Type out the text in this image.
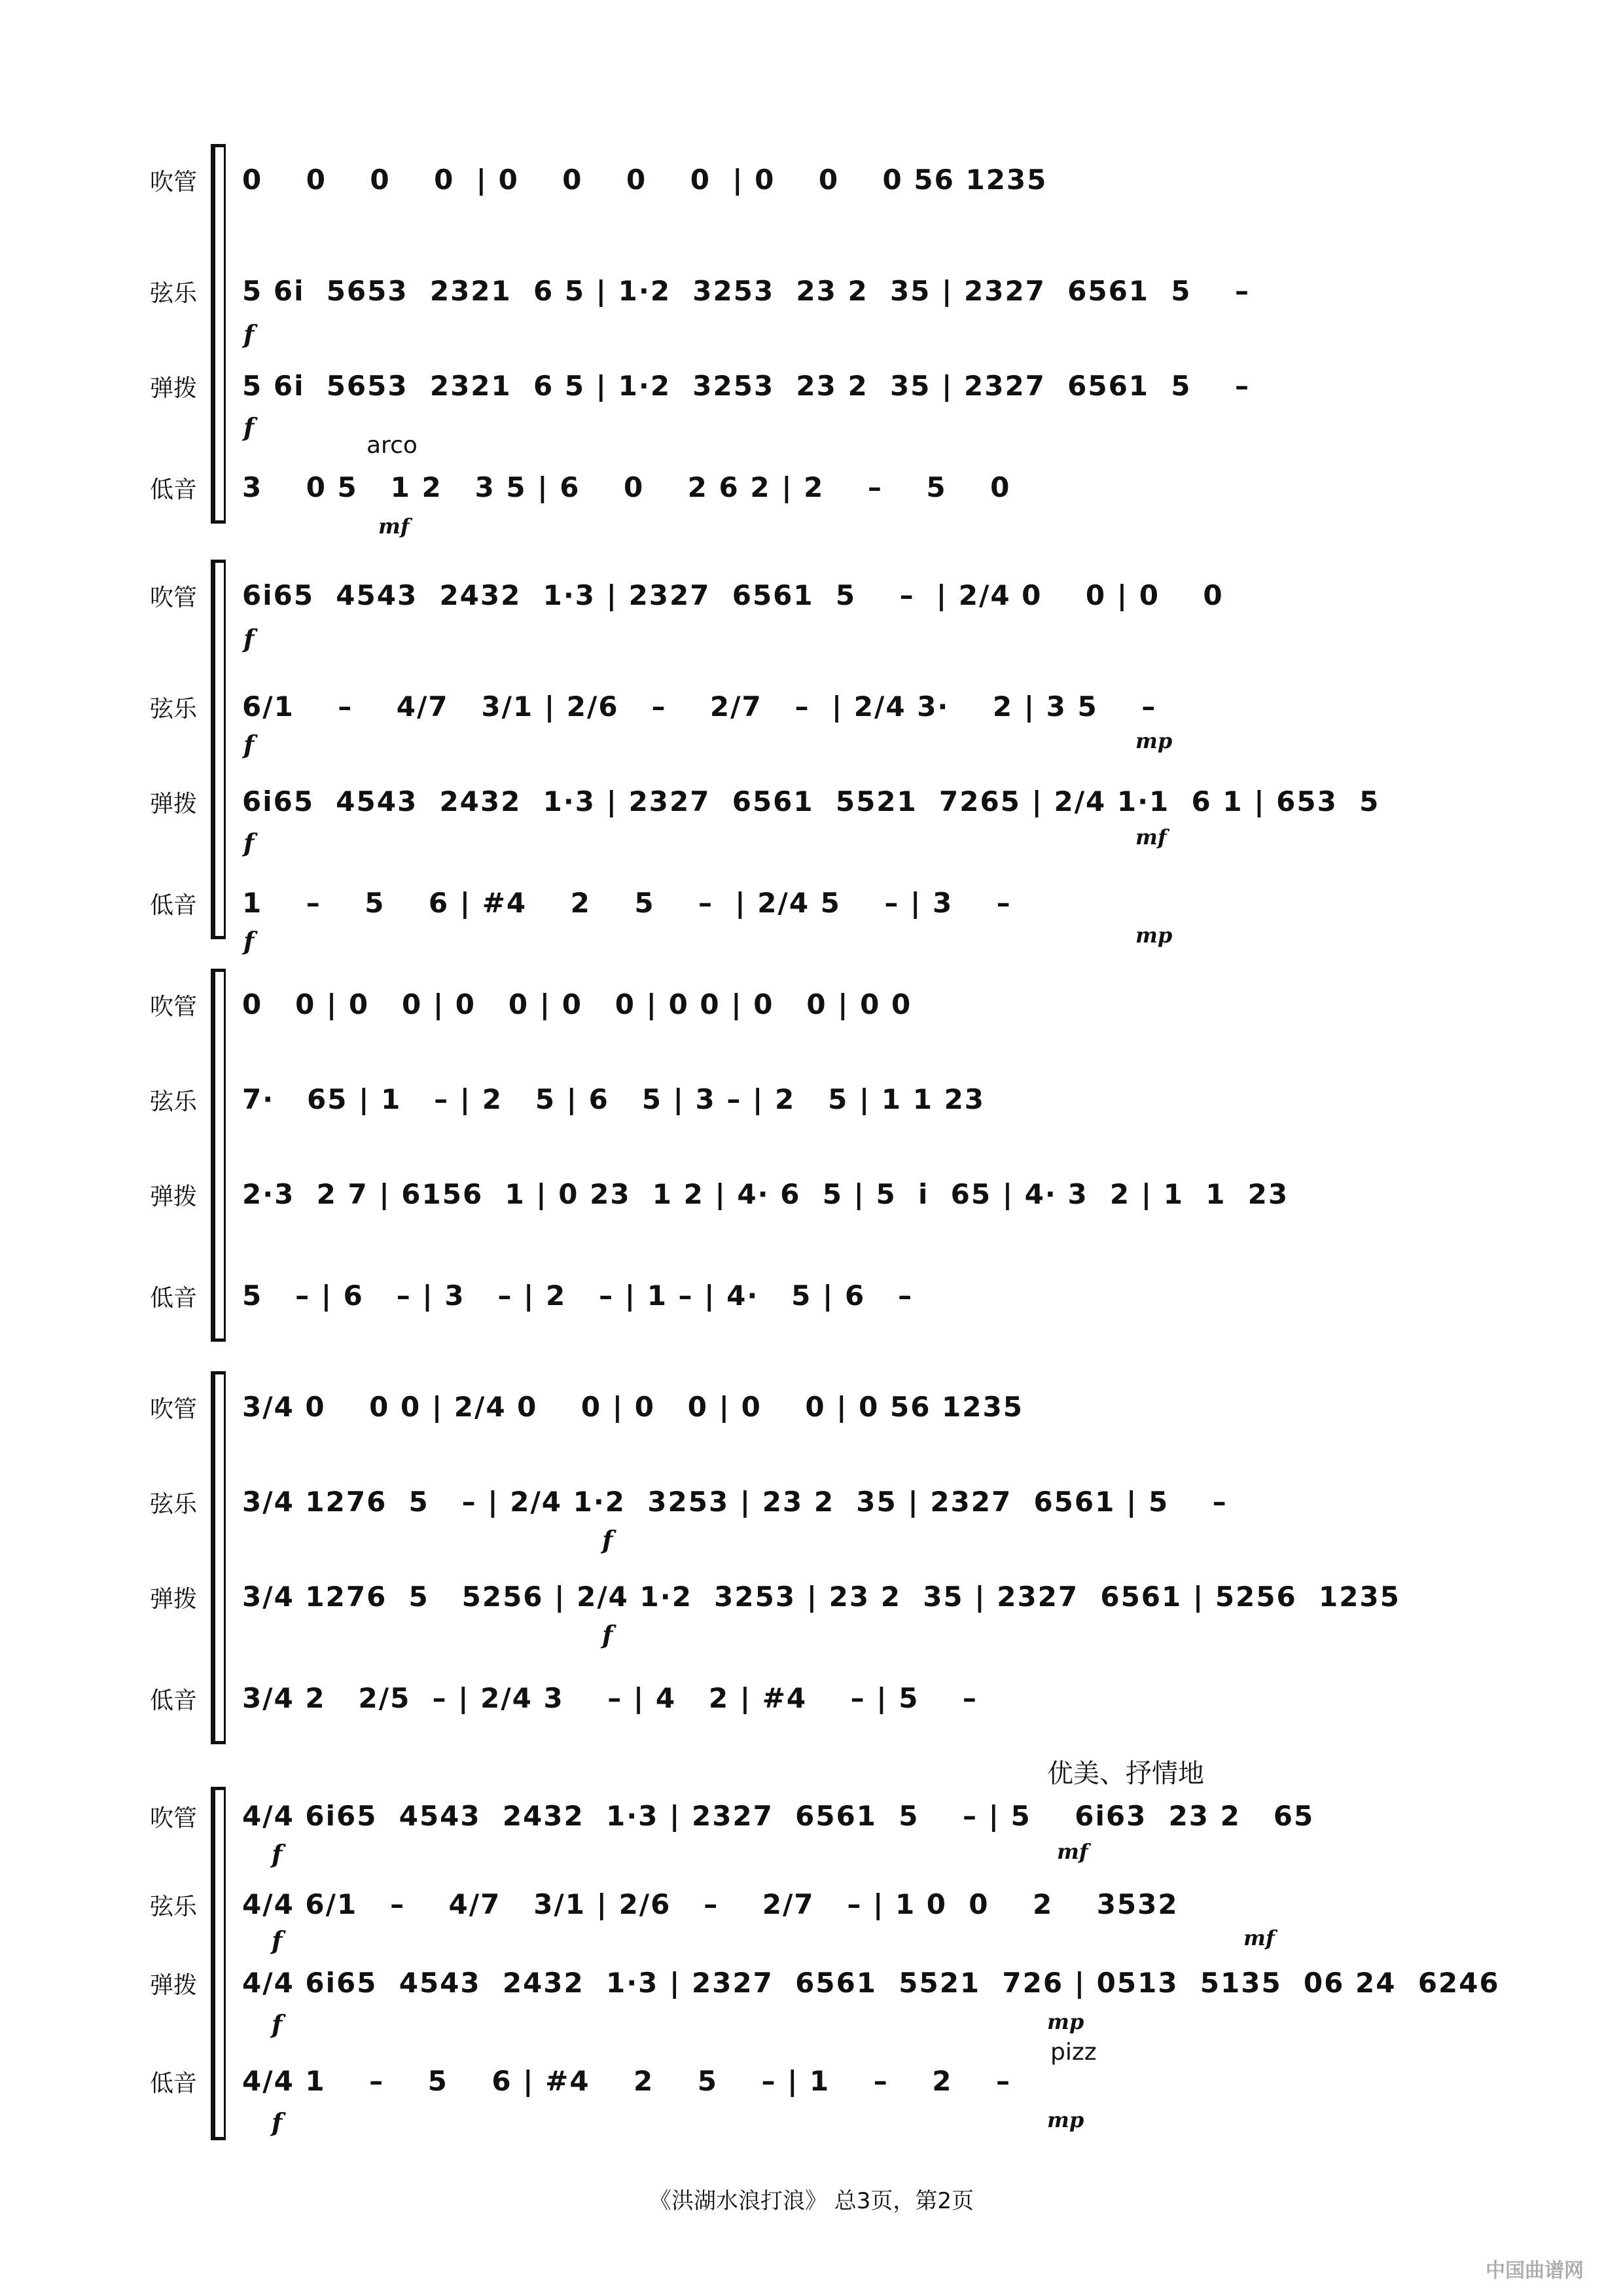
吹管	0    0    0    0  | 0    0    0    0  | 0    0    0 56 1235
弦乐	5 6i  5653  2321  6 5 | 1·2  3253  23 2  35 | 2327  6561  5    –
弹拨	5 6i  5653  2321  6 5 | 1·2  3253  23 2  35 | 2327  6561  5    –
低音	3    0 5   1 2   3 5 | 6    0    2 6 2 | 2    –    5    0
f
f
arco
mf
吹管	6i65  4543  2432  1·3 | 2327  6561  5    –  | 2/4 0    0 | 0    0
弦乐	6/1    –    4/7   3/1 | 2/6   –    2/7   –  | 2/4 3·    2 | 3 5    –
弹拨	6i65  4543  2432  1·3 | 2327  6561  5521  7265 | 2/4 1·1  6 1 | 653  5
低音	1    –    5    6 | #4    2    5    –  | 2/4 5    – | 3    –
f
f
f
f
mp
mf
mp
吹管	0   0 | 0   0 | 0   0 | 0   0 | 0 0 | 0   0 | 0 0
弦乐	7·   65 | 1   – | 2   5 | 6   5 | 3 – | 2   5 | 1 1 23
弹拨	2·3  2 7 | 6156  1 | 0 23  1 2 | 4· 6  5 | 5  i  65 | 4· 3  2 | 1  1  23
低音	5   – | 6   – | 3   – | 2   – | 1 – | 4·   5 | 6   –
吹管	3/4 0    0 0 | 2/4 0    0 | 0   0 | 0    0 | 0 56 1235
弦乐	3/4 1276  5   – | 2/4 1·2  3253 | 23 2  35 | 2327  6561 | 5    –
弹拨	3/4 1276  5   5256 | 2/4 1·2  3253 | 23 2  35 | 2327  6561 | 5256  1235
低音	3/4 2   2/5  – | 2/4 3    – | 4   2 | #4    – | 5    –
f
f
优美、抒情地
吹管	4/4 6i65  4543  2432  1·3 | 2327  6561  5    – | 5    6i63  23 2   65
弦乐	4/4 6/1   –    4/7   3/1 | 2/6   –    2/7   – | 1 0  0    2    3532
弹拨	4/4 6i65  4543  2432  1·3 | 2327  6561  5521  726 | 0513  5135  06 24  6246
低音	4/4 1    –    5    6 | #4    2    5    – | 1    –    2    –
f
f
f
f
mf
mf
mp
pizz
mp
《洪湖水浪打浪》 总3页，第2页
中国曲谱网
